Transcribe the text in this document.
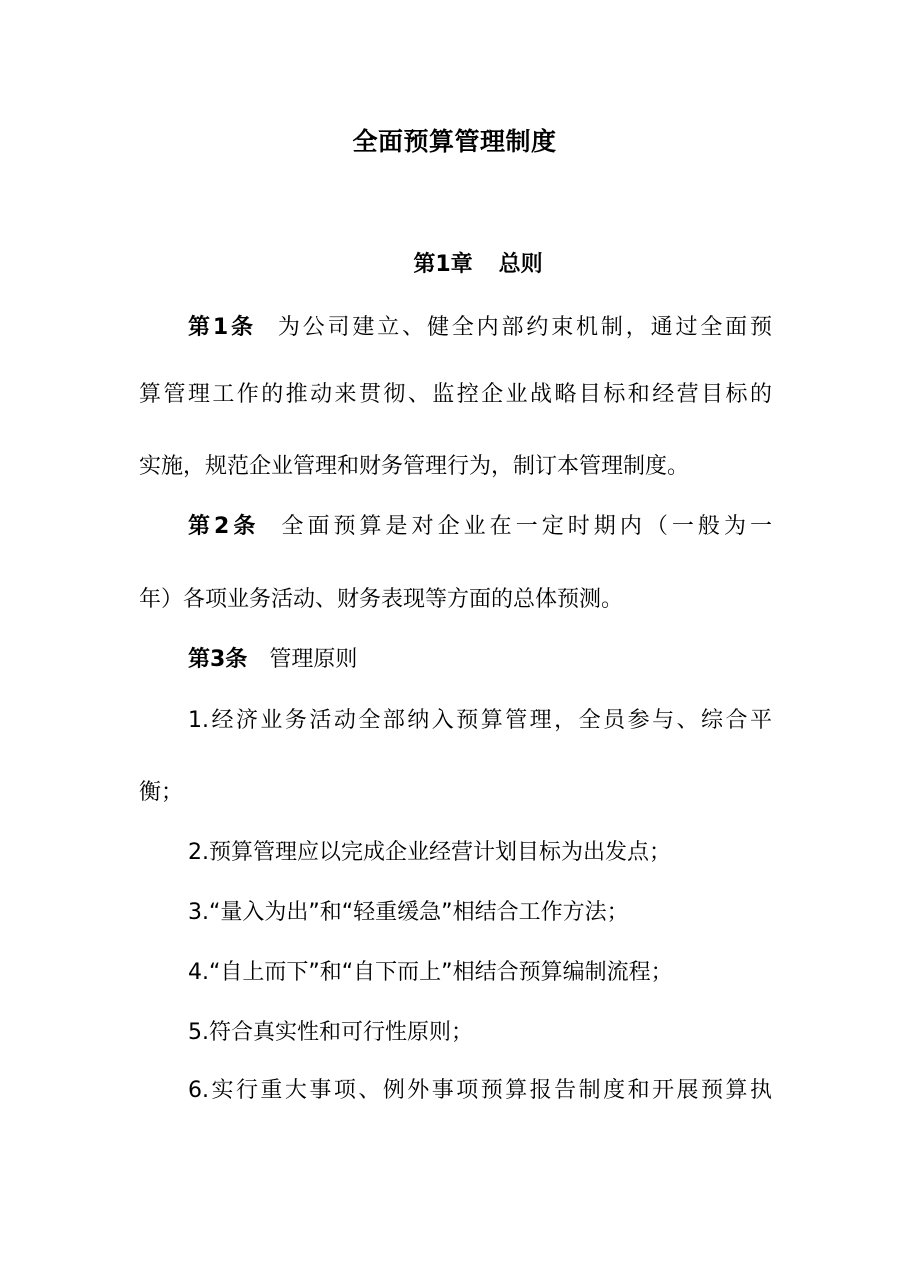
全面预算管理制度
第1章 总则
第1条 为公司建立、健全内部约束机制，通过全面预
算管理工作的推动来贯彻、监控企业战略目标和经营目标的
实施，规范企业管理和财务管理行为，制订本管理制度。
第2条 全面预算是对企业在一定时期内（一般为一
年）各项业务活动、财务表现等方面的总体预测。
第3条 管理原则
1.经济业务活动全部纳入预算管理，全员参与、综合平
衡；
2.预算管理应以完成企业经营计划目标为出发点；
3.“量入为出”和“轻重缓急”相结合工作方法；
4.“自上而下”和“自下而上”相结合预算编制流程；
5.符合真实性和可行性原则；
6.实行重大事项、例外事项预算报告制度和开展预算执
